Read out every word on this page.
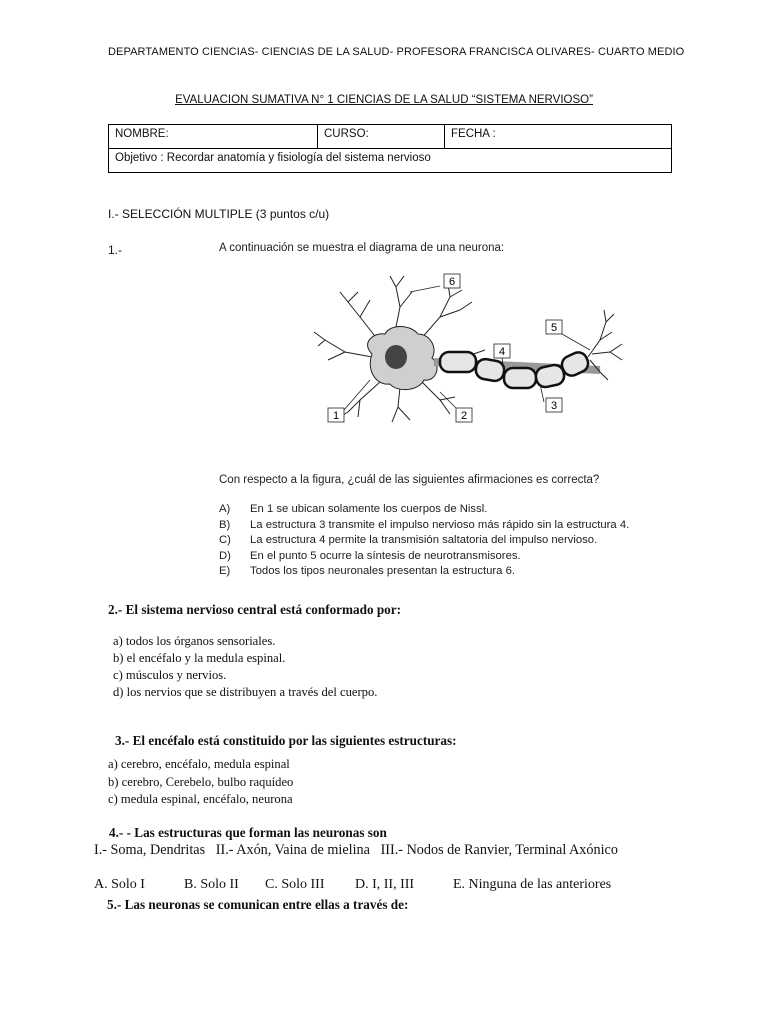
DEPARTAMENTO CIENCIAS- CIENCIAS DE LA SALUD- PROFESORA FRANCISCA OLIVARES- CUARTO MEDIO
EVALUACION SUMATIVA N° 1 CIENCIAS DE LA SALUD “SISTEMA NERVIOSO”
NOMBRE:	CURSO:	FECHA :
Objetivo : Recordar anatomía y fisiología del sistema nervioso
I.- SELECCIÓN MULTIPLE (3 puntos c/u)
1.-	A continuación se muestra el diagrama de una neurona:
1	2
3
4
5
6
Con respecto a la figura, ¿cuál de las siguientes afirmaciones es correcta?
A)	En 1 se ubican solamente los cuerpos de Nissl.
B)	La estructura 3 transmite el impulso nervioso más rápido sin la estructura 4.
C)	La estructura 4 permite la transmisión saltatoria del impulso nervioso.
D)	En el punto 5 ocurre la síntesis de neurotransmisores.
E)	Todos los tipos neuronales presentan la estructura 6.
2.- El sistema nervioso central está conformado por:
a) todos los órganos sensoriales.
b) el encéfalo y la medula espinal.
c) músculos y nervios.
d) los nervios que se distribuyen a través del cuerpo.
3.- El encéfalo está constituido por las siguientes estructuras:
a) cerebro, encéfalo, medula espinal
b) cerebro, Cerebelo, bulbo raquídeo
c) medula espinal, encéfalo, neurona
4.- - Las estructuras que forman las neuronas son
I.- Soma, Dendritas   II.- Axón, Vaina de mielina   III.- Nodos de Ranvier, Terminal Axónico
A. Solo I	B. Solo II C. Solo III D. I, II, III	E. Ninguna de las anteriores
5.- Las neuronas se comunican entre ellas a través de:
